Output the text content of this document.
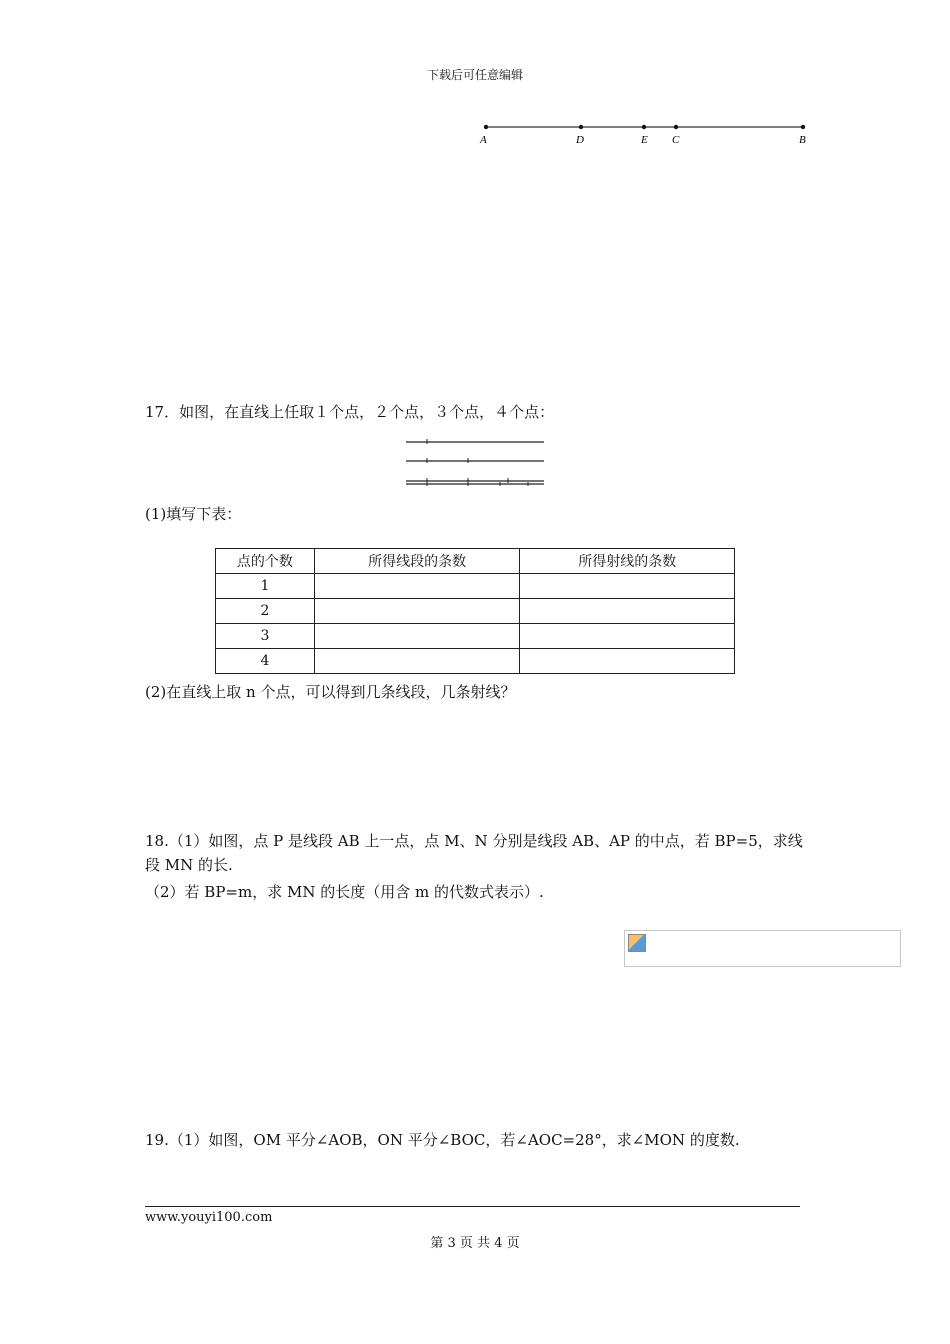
下载后可任意编辑
A	D	E C	B
17．如图，在直线上任取１个点，２个点，３个点，４个点：
(1)填写下表：
点的个数	所得线段的条数	所得射线的条数
1		
2		
3		
4		
(2)在直线上取 n 个点，可以得到几条线段，几条射线？
18.（1）如图，点 P 是线段 AB 上一点，点 M、N 分别是线段 AB、AP 的中点，若 BP=5，求线段 MN 的长.
（2）若 BP=m，求 MN 的长度（用含 m 的代数式表示）.
19.（1）如图，OM 平分∠AOB，ON 平分∠BOC，若∠AOC=28°，求∠MON 的度数.
www.youyi100.com
第 3 页 共 4 页
